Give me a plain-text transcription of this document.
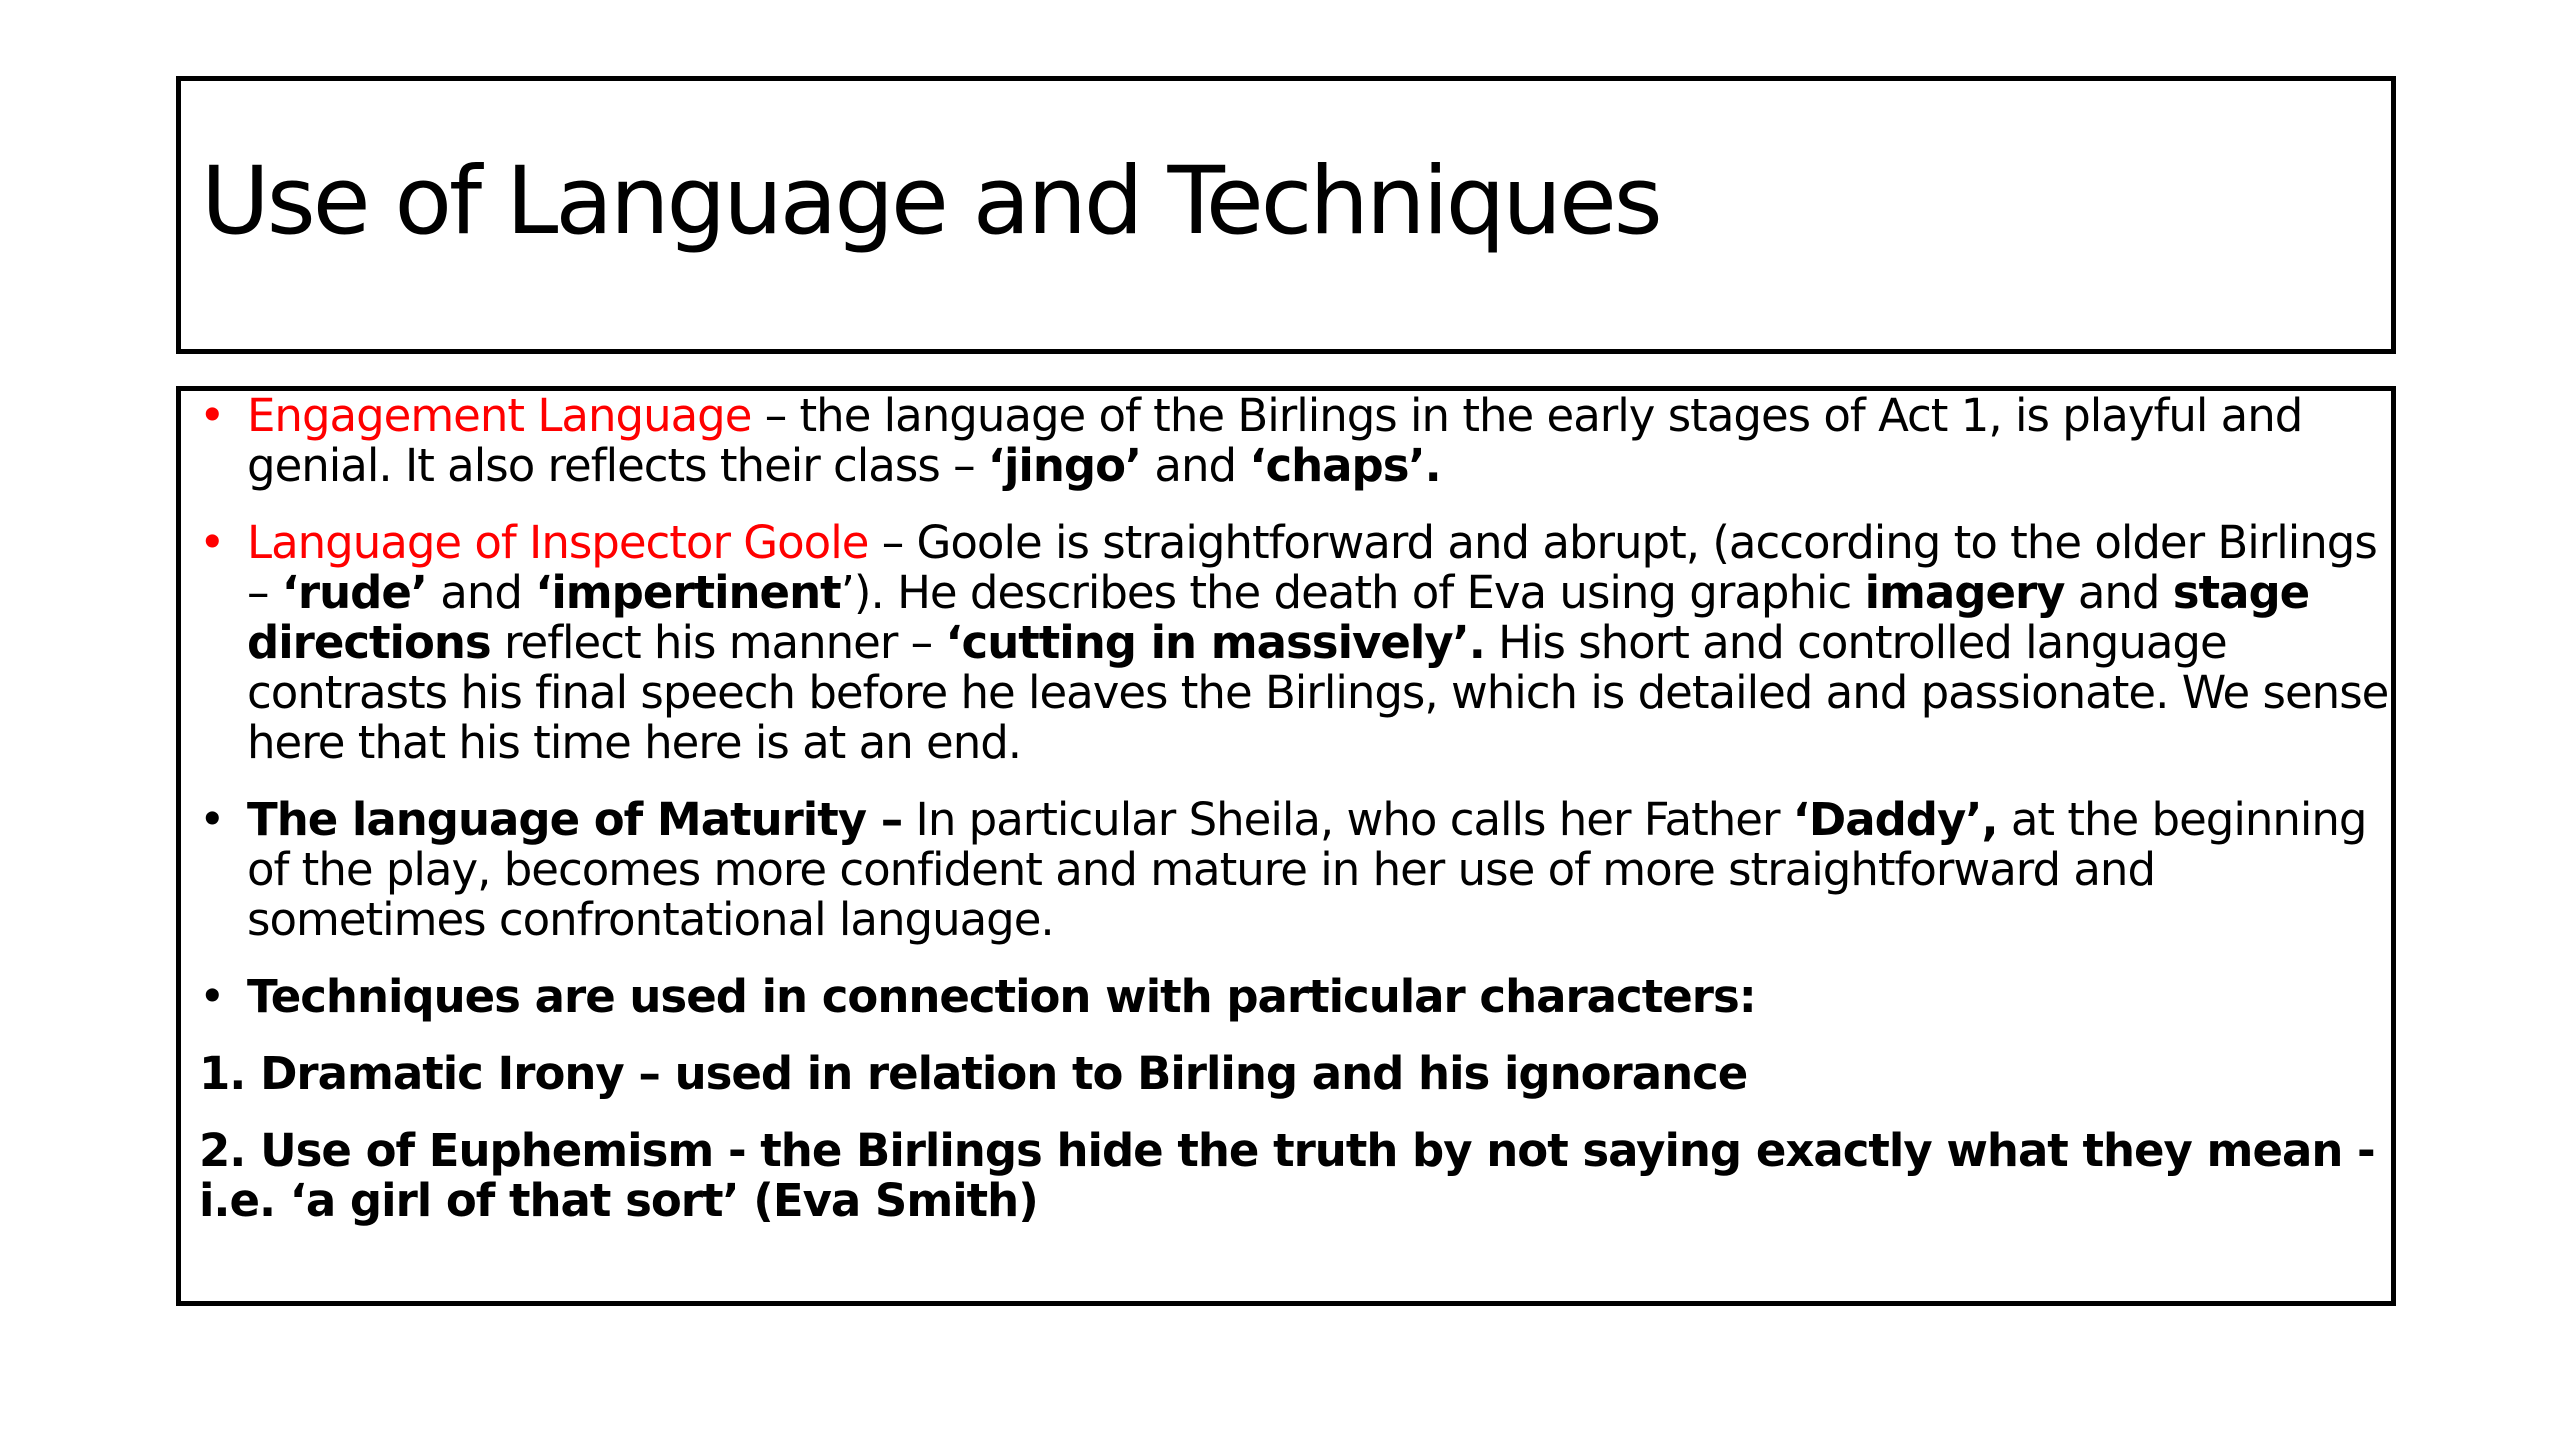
Use of Language and Techniques

• Engagement Language – the language of the Birlings in the early stages of Act 1, is playful and genial. It also reflects their class – ‘jingo’ and ‘chaps’.

• Language of Inspector Goole – Goole is straightforward and abrupt, (according to the older Birlings – ‘rude’ and ‘impertinent’). He describes the death of Eva using graphic imagery and stage directions reflect his manner – ‘cutting in massively’. His short and controlled language contrasts his final speech before he leaves the Birlings, which is detailed and passionate. We sense here that his time here is at an end.

• The language of Maturity – In particular Sheila, who calls her Father ‘Daddy’, at the beginning of the play, becomes more confident and mature in her use of more straightforward and sometimes confrontational language.

• Techniques are used in connection with particular characters:

1. Dramatic Irony – used in relation to Birling and his ignorance

2. Use of Euphemism - the Birlings hide the truth by not saying exactly what they mean - i.e. ‘a girl of that sort’ (Eva Smith)
